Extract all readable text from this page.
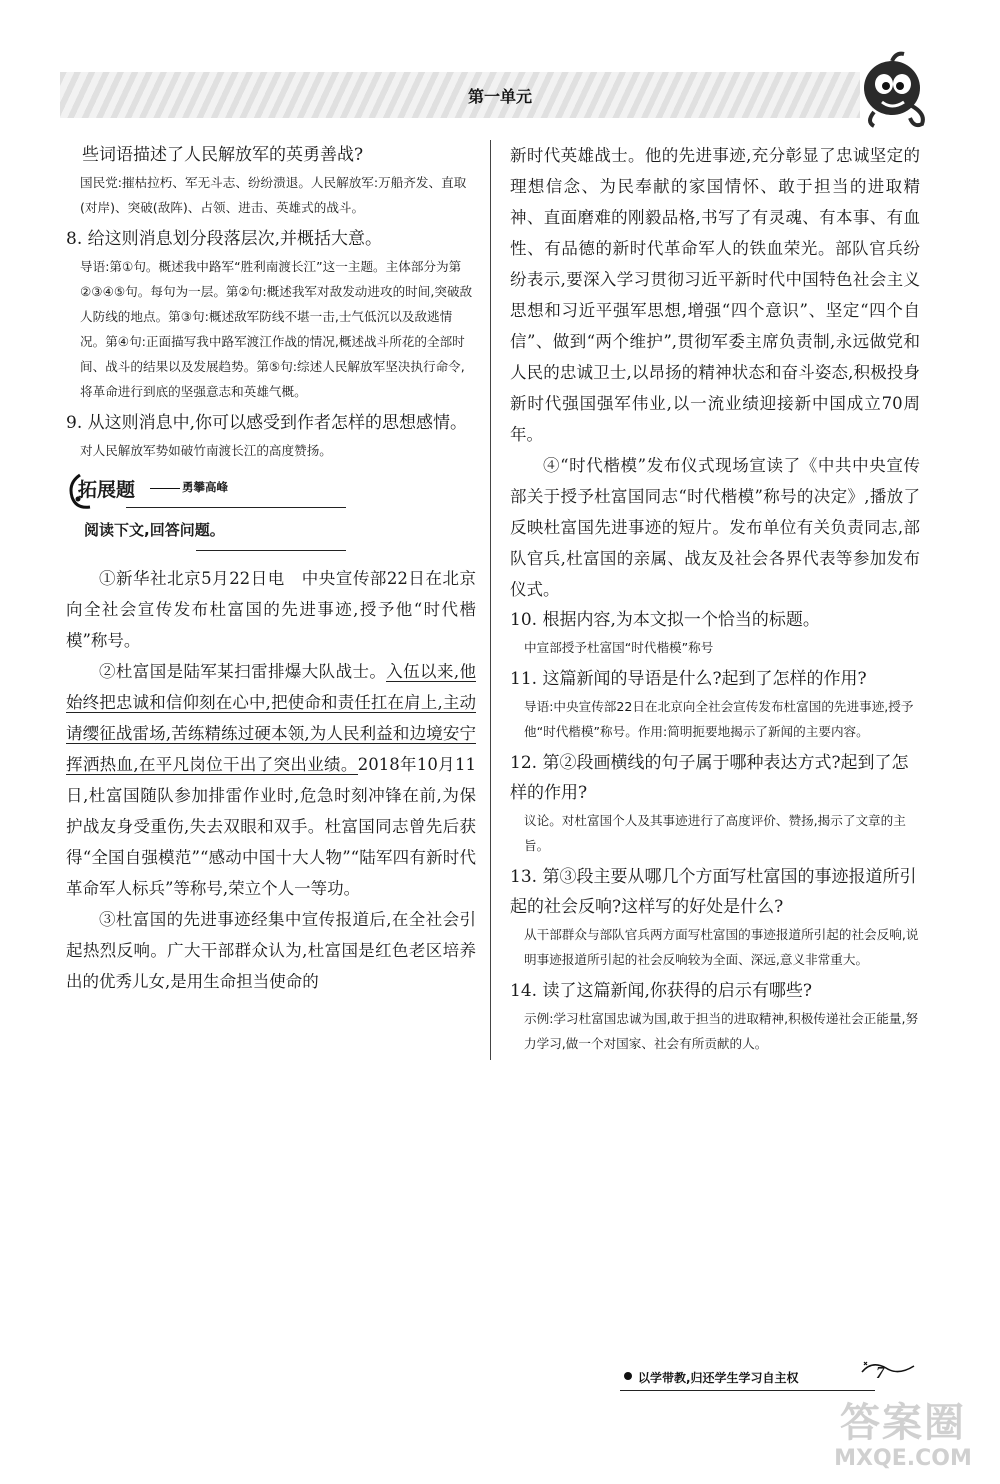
第一单元

些词语描述了人民解放军的英勇善战?

国民党:摧枯拉朽、军无斗志、纷纷溃退。人民解放军:万船齐发、直取(对岸)、突破(敌阵)、占领、进击、英雄式的战斗。

8. 给这则消息划分段落层次,并概括大意。

导语:第①句。概述我中路军“胜利南渡长江”这一主题。主体部分为第②③④⑤句。每句为一层。第②句:概述我军对敌发动进攻的时间,突破敌人防线的地点。第③句:概述敌军防线不堪一击,士气低沉以及敌逃情况。第④句:正面描写我中路军渡江作战的情况,概述战斗所花的全部时间、战斗的结果以及发展趋势。第⑤句:综述人民解放军坚决执行命令,将革命进行到底的坚强意志和英雄气概。

9. 从这则消息中,你可以感受到作者怎样的思想感情。

对人民解放军势如破竹南渡长江的高度赞扬。

拓展题	勇攀高峰

阅读下文,回答问题。

①新华社北京5月22日电　中央宣传部22日在北京向全社会宣传发布杜富国的先进事迹,授予他“时代楷模”称号。

②杜富国是陆军某扫雷排爆大队战士。入伍以来,他始终把忠诚和信仰刻在心中,把使命和责任扛在肩上,主动请缨征战雷场,苦练精练过硬本领,为人民利益和边境安宁挥洒热血,在平凡岗位干出了突出业绩。2018年10月11日,杜富国随队参加排雷作业时,危急时刻冲锋在前,为保护战友身受重伤,失去双眼和双手。杜富国同志曾先后获得“全国自强模范”“感动中国十大人物”“陆军四有新时代革命军人标兵”等称号,荣立个人一等功。

③杜富国的先进事迹经集中宣传报道后,在全社会引起热烈反响。广大干部群众认为,杜富国是红色老区培养出的优秀儿女,是用生命担当使命的

新时代英雄战士。他的先进事迹,充分彰显了忠诚坚定的理想信念、为民奉献的家国情怀、敢于担当的进取精神、直面磨难的刚毅品格,书写了有灵魂、有本事、有血性、有品德的新时代革命军人的铁血荣光。部队官兵纷纷表示,要深入学习贯彻习近平新时代中国特色社会主义思想和习近平强军思想,增强“四个意识”、坚定“四个自信”、做到“两个维护”,贯彻军委主席负责制,永远做党和人民的忠诚卫士,以昂扬的精神状态和奋斗姿态,积极投身新时代强国强军伟业,以一流业绩迎接新中国成立70周年。

④“时代楷模”发布仪式现场宣读了《中共中央宣传部关于授予杜富国同志“时代楷模”称号的决定》,播放了反映杜富国先进事迹的短片。发布单位有关负责同志,部队官兵,杜富国的亲属、战友及社会各界代表等参加发布仪式。

10. 根据内容,为本文拟一个恰当的标题。

中宣部授予杜富国“时代楷模”称号

11. 这篇新闻的导语是什么?起到了怎样的作用?

导语:中央宣传部22日在北京向全社会宣传发布杜富国的先进事迹,授予他“时代楷模”称号。作用:简明扼要地揭示了新闻的主要内容。

12. 第②段画横线的句子属于哪种表达方式?起到了怎样的作用?

议论。对杜富国个人及其事迹进行了高度评价、赞扬,揭示了文章的主旨。

13. 第③段主要从哪几个方面写杜富国的事迹报道所引起的社会反响?这样写的好处是什么?

从干部群众与部队官兵两方面写杜富国的事迹报道所引起的社会反响,说明事迹报道所引起的社会反响较为全面、深远,意义非常重大。

14. 读了这篇新闻,你获得的启示有哪些?

示例:学习杜富国忠诚为国,敢于担当的进取精神,积极传递社会正能量,努力学习,做一个对国家、社会有所贡献的人。

以学带教,归还学生学习自主权	7
答案圈
MXQE.COM
